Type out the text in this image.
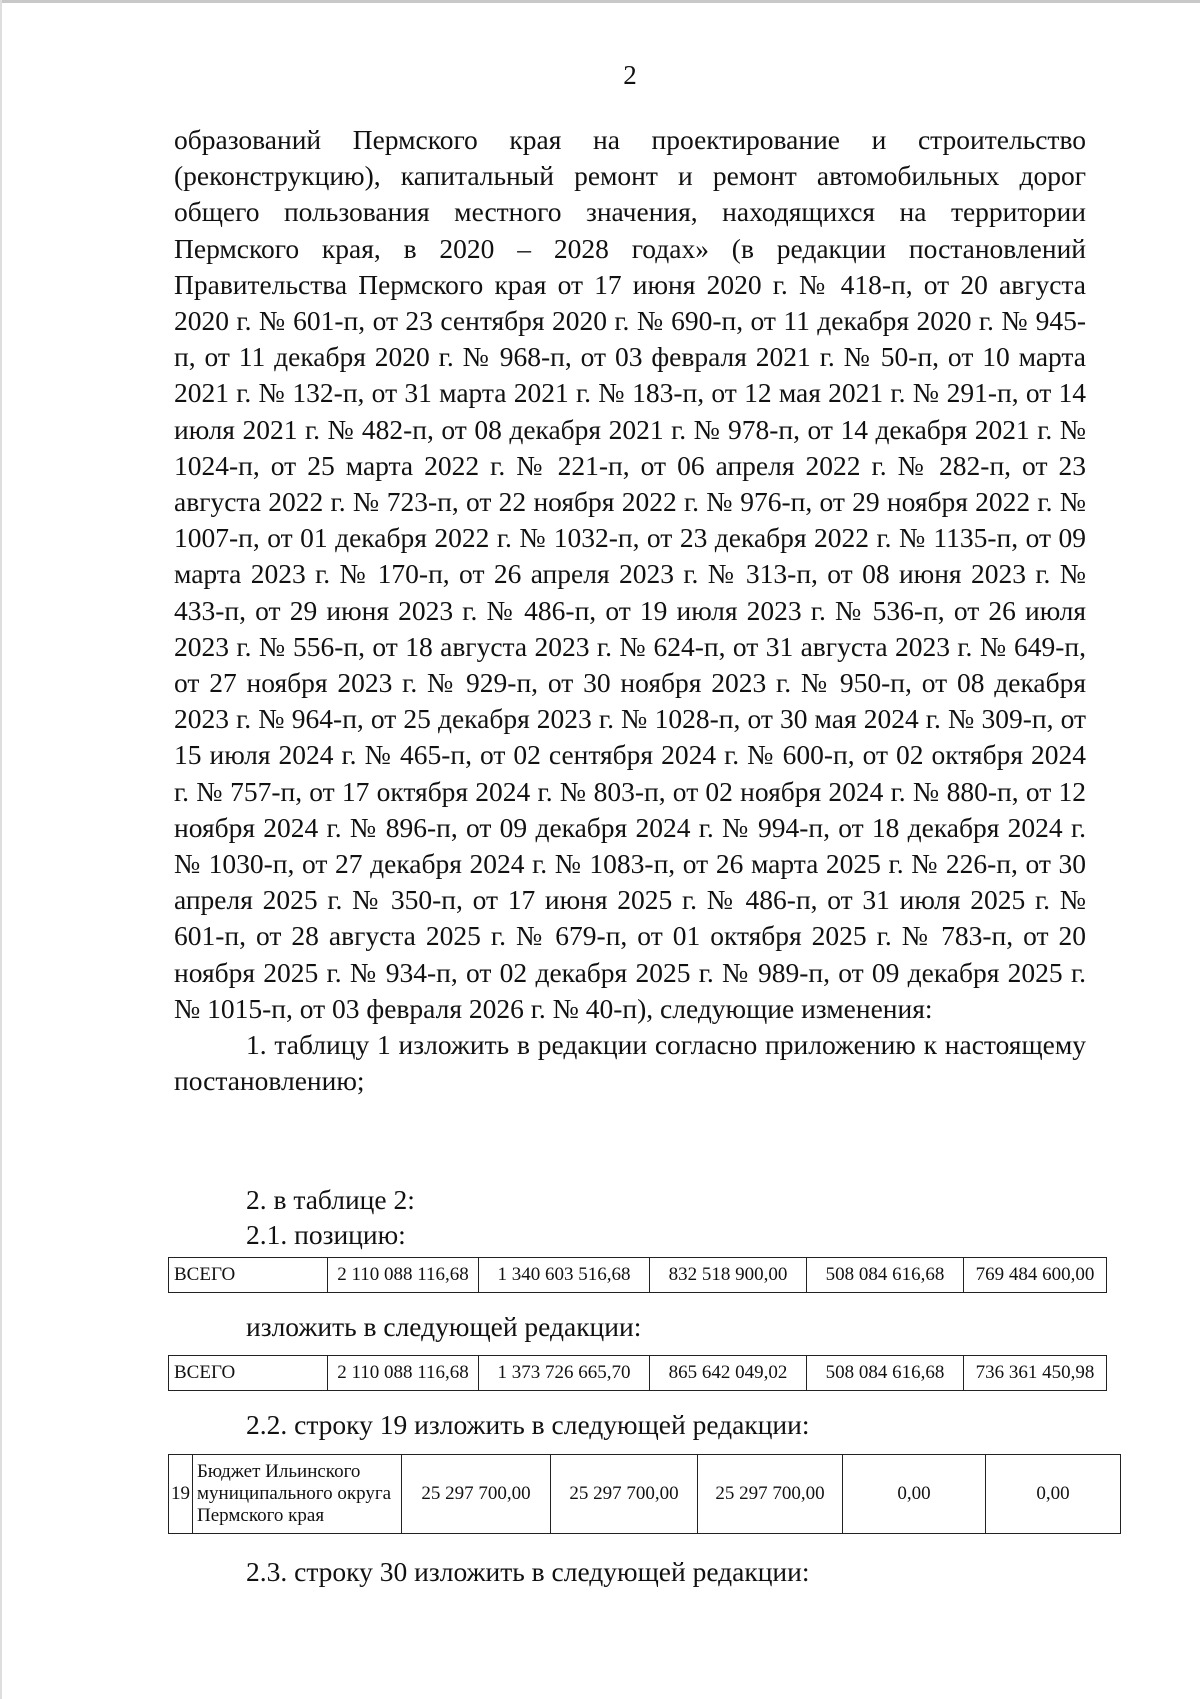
2

образований Пермского края на проектирование и строительство (реконструкцию), капитальный ремонт и ремонт автомобильных дорог общего пользования местного значения, находящихся на территории Пермского края, в 2020 – 2028 годах» (в редакции постановлений Правительства Пермского края от 17 июня 2020 г. № 418-п, от 20 августа 2020 г. № 601-п, от 23 сентября 2020 г. № 690-п, от 11 декабря 2020 г. № 945-п, от 11 декабря 2020 г. № 968-п, от 03 февраля 2021 г. № 50-п, от 10 марта 2021 г. № 132-п, от 31 марта 2021 г. № 183-п, от 12 мая 2021 г. № 291-п, от 14 июля 2021 г. № 482-п, от 08 декабря 2021 г. № 978-п, от 14 декабря 2021 г. № 1024-п, от 25 марта 2022 г. № 221-п, от 06 апреля 2022 г. № 282-п, от 23 августа 2022 г. № 723-п, от 22 ноября 2022 г. № 976-п, от 29 ноября 2022 г. № 1007-п, от 01 декабря 2022 г. № 1032-п, от 23 декабря 2022 г. № 1135-п, от 09 марта 2023 г. № 170-п, от 26 апреля 2023 г. № 313-п, от 08 июня 2023 г. № 433-п, от 29 июня 2023 г. № 486-п, от 19 июля 2023 г. № 536-п, от 26 июля 2023 г. № 556-п, от 18 августа 2023 г. № 624-п, от 31 августа 2023 г. № 649-п, от 27 ноября 2023 г. № 929-п, от 30 ноября 2023 г. № 950-п, от 08 декабря 2023 г. № 964-п, от 25 декабря 2023 г. № 1028-п, от 30 мая 2024 г. № 309-п, от 15 июля 2024 г. № 465-п, от 02 сентября 2024 г. № 600-п, от 02 октября 2024 г. № 757-п, от 17 октября 2024 г. № 803-п, от 02 ноября 2024 г. № 880-п, от 12 ноября 2024 г. № 896-п, от 09 декабря 2024 г. № 994-п, от 18 декабря 2024 г. № 1030-п, от 27 декабря 2024 г. № 1083-п, от 26 марта 2025 г. № 226-п, от 30 апреля 2025 г. № 350-п, от 17 июня 2025 г. № 486-п, от 31 июля 2025 г. № 601-п, от 28 августа 2025 г. № 679-п, от 01 октября 2025 г. № 783-п, от 20 ноября 2025 г. № 934-п, от 02 декабря 2025 г. № 989-п, от 09 декабря 2025 г. № 1015-п, от 03 февраля 2026 г. № 40-п), следующие изменения:

1. таблицу 1 изложить в редакции согласно приложению к настоящему постановлению;

2. в таблице 2:
2.1. позицию:
ВСЕГО	2 110 088 116,68	1 340 603 516,68	832 518 900,00	508 084 616,68	769 484 600,00
изложить в следующей редакции:
ВСЕГО	2 110 088 116,68	1 373 726 665,70	865 642 049,02	508 084 616,68	736 361 450,98
2.2. строку 19 изложить в следующей редакции:
19	Бюджет Ильинского муниципального округа Пермского края	25 297 700,00	25 297 700,00	25 297 700,00	0,00	0,00
2.3. строку 30 изложить в следующей редакции:
